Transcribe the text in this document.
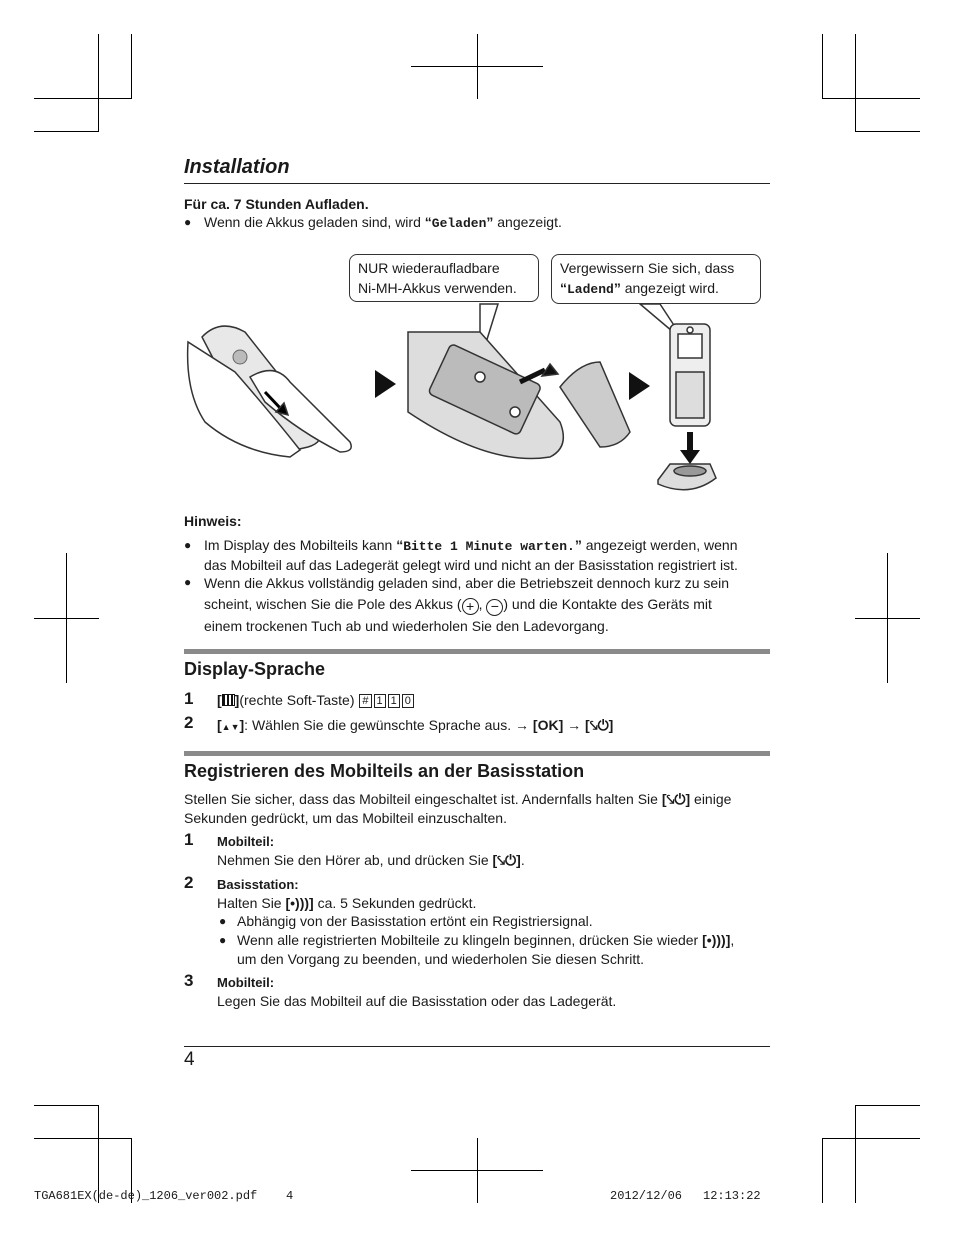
Installation
Für ca. 7 Stunden Aufladen.
● Wenn die Akkus geladen sind, wird “Geladen” angezeigt.
NUR wiederaufladbare
Ni-MH-Akkus verwenden.
Vergewissern Sie sich, dass
“Ladend” angezeigt wird.
Hinweis:
● Im Display des Mobilteils kann “Bitte 1 Minute warten.” angezeigt werden, wenn
das Mobilteil auf das Ladegerät gelegt wird und nicht an der Basisstation registriert ist.
● Wenn die Akkus vollständig geladen sind, aber die Betriebszeit dennoch kurz zu sein
scheint, wischen Sie die Pole des Akkus ( + , − ) und die Kontakte des Geräts mit
einem trockenen Tuch ab und wiederholen Sie den Ladevorgang.
Display-Sprache
1 [ ](rechte Soft-Taste) # 1 1 0
2 [▲▼]: Wählen Sie die gewünschte Sprache aus. → [OK] → [⤥⏻]
Registrieren des Mobilteils an der Basisstation
Stellen Sie sicher, dass das Mobilteil eingeschaltet ist. Andernfalls halten Sie [⤥⏻] einige
Sekunden gedrückt, um das Mobilteil einzuschalten.
1 Mobilteil:
Nehmen Sie den Hörer ab, und drücken Sie [⤥⏻].
2 Basisstation:
Halten Sie [•)))] ca. 5 Sekunden gedrückt.
● Abhängig von der Basisstation ertönt ein Registriersignal.
● Wenn alle registrierten Mobilteile zu klingeln beginnen, drücken Sie wieder [•)))],
um den Vorgang zu beenden, und wiederholen Sie diesen Schritt.
3 Mobilteil:
Legen Sie das Mobilteil auf die Basisstation oder das Ladegerät.
4
TGA681EX(de-de)_1206_ver002.pdf    4	2012/12/06 12:13:22
